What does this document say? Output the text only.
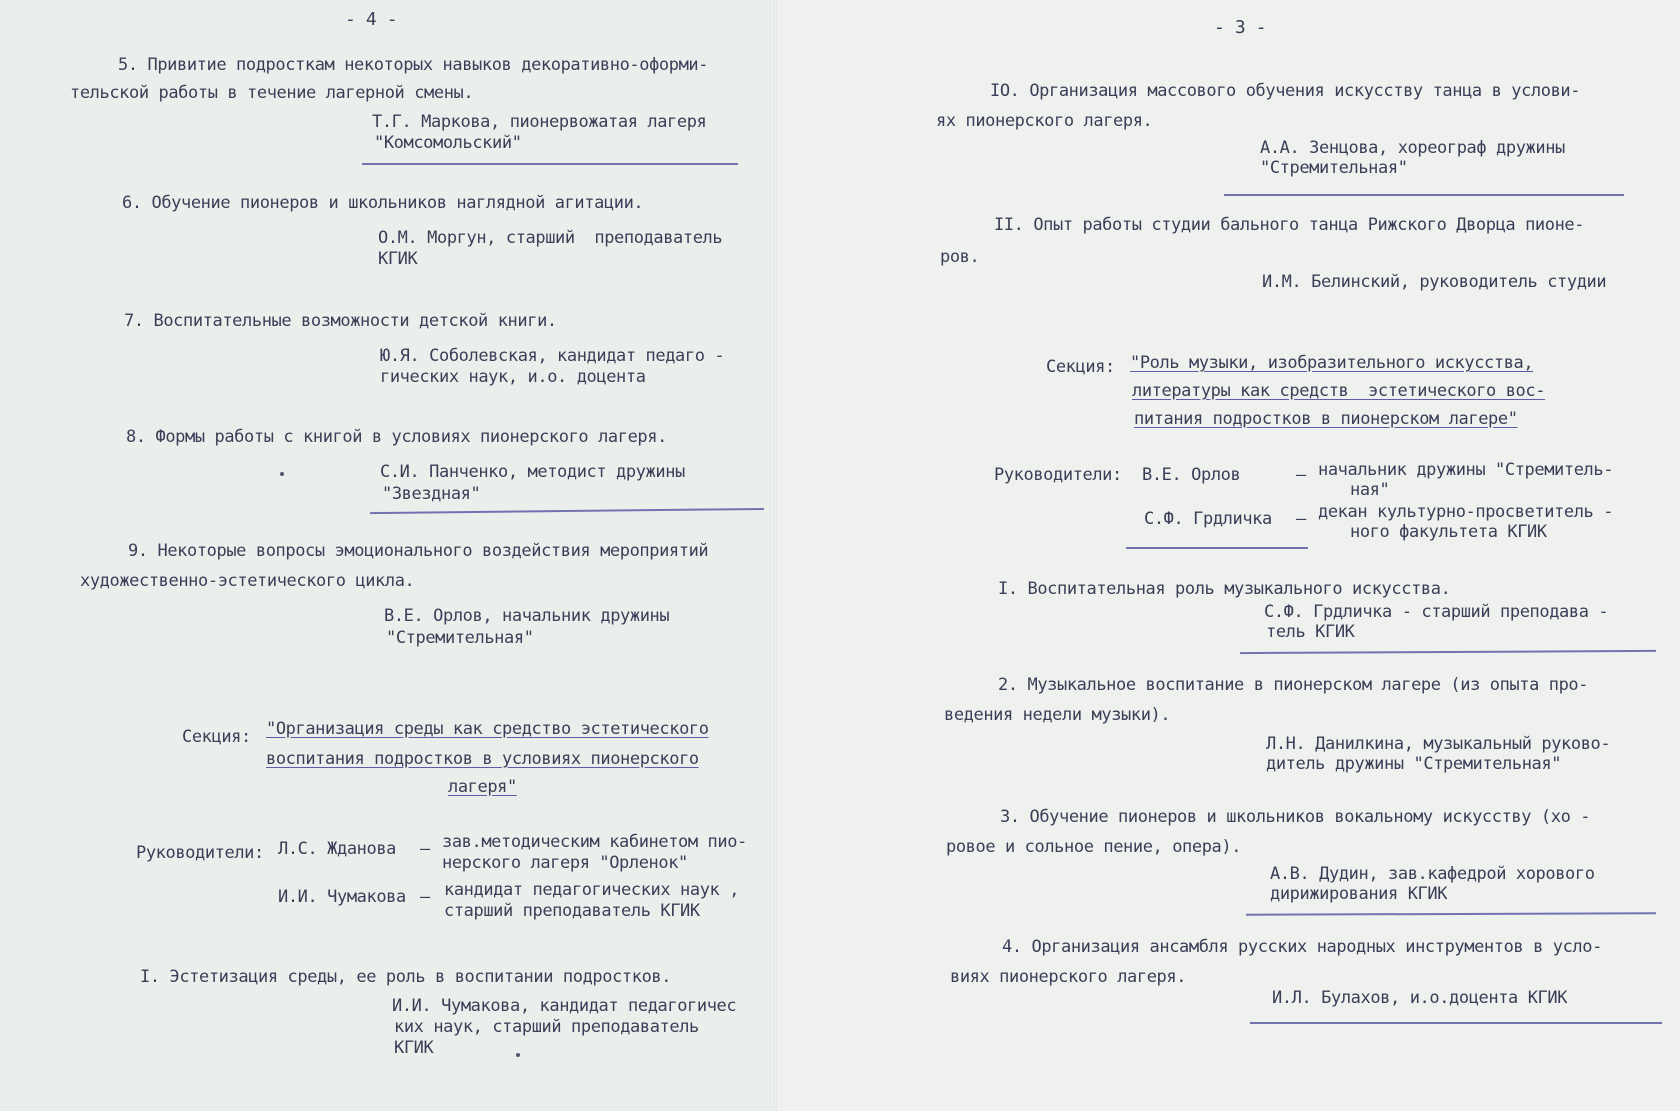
- 4 -
5. Привитие подросткам некоторых навыков декоративно-оформи-
тельской работы в течение лагерной смены.
Т.Г. Маркова, пионервожатая лагеря
"Комсомольский"
6. Обучение пионеров и школьников наглядной агитации.
О.М. Моргун, старший  преподаватель
КГИК
7. Воспитательные возможности детской книги.
Ю.Я. Соболевская, кандидат педаго -
гических наук, и.о. доцента
8. Формы работы с книгой в условиях пионерского лагеря.
С.И. Панченко, методист дружины
"Звездная"
9. Некоторые вопросы эмоционального воздействия мероприятий
художественно-эстетического цикла.
В.Е. Орлов, начальник дружины
"Стремительная"
Секция: "Организация среды как средство эстетического
воспитания подростков в условиях пионерского
лагеря"
Руководители: Л.С. Жданова – зав.методическим кабинетом пио-
нерского лагеря "Орленок"
И.И. Чумакова – кандидат педагогических наук ,
старший преподаватель КГИК
I. Эстетизация среды, ее роль в воспитании подростков.
И.И. Чумакова, кандидат педагогичес
ких наук, старший преподаватель
КГИК
- 3 -
IO. Организация массового обучения искусству танца в услови-
ях пионерского лагеря.
А.А. Зенцова, хореограф дружины
"Стремительная"
II. Опыт работы студии бального танца Рижского Дворца пионе-
ров.
И.М. Белинский, руководитель студии
Секция: "Роль музыки, изобразительного искусства,
литературы как средств  эстетического вос-
питания подростков в пионерском лагере"
Руководители: В.Е. Орлов	– начальник дружины "Стремитель-
ная"
С.Ф. Грдличка – декан культурно-просветитель -
ного факультета КГИК
I. Воспитательная роль музыкального искусства.
С.Ф. Грдличка - старший преподава -
тель КГИК
2. Музыкальное воспитание в пионерском лагере (из опыта про-
ведения недели музыки).
Л.Н. Данилкина, музыкальный руково-
дитель дружины "Стремительная"
3. Обучение пионеров и школьников вокальному искусству (хо -
ровое и сольное пение, опера).
А.В. Дудин, зав.кафедрой хорового
дирижирования КГИК
4. Организация ансамбля русских народных инструментов в усло-
виях пионерского лагеря.
И.Л. Булахов, и.о.доцента КГИК
